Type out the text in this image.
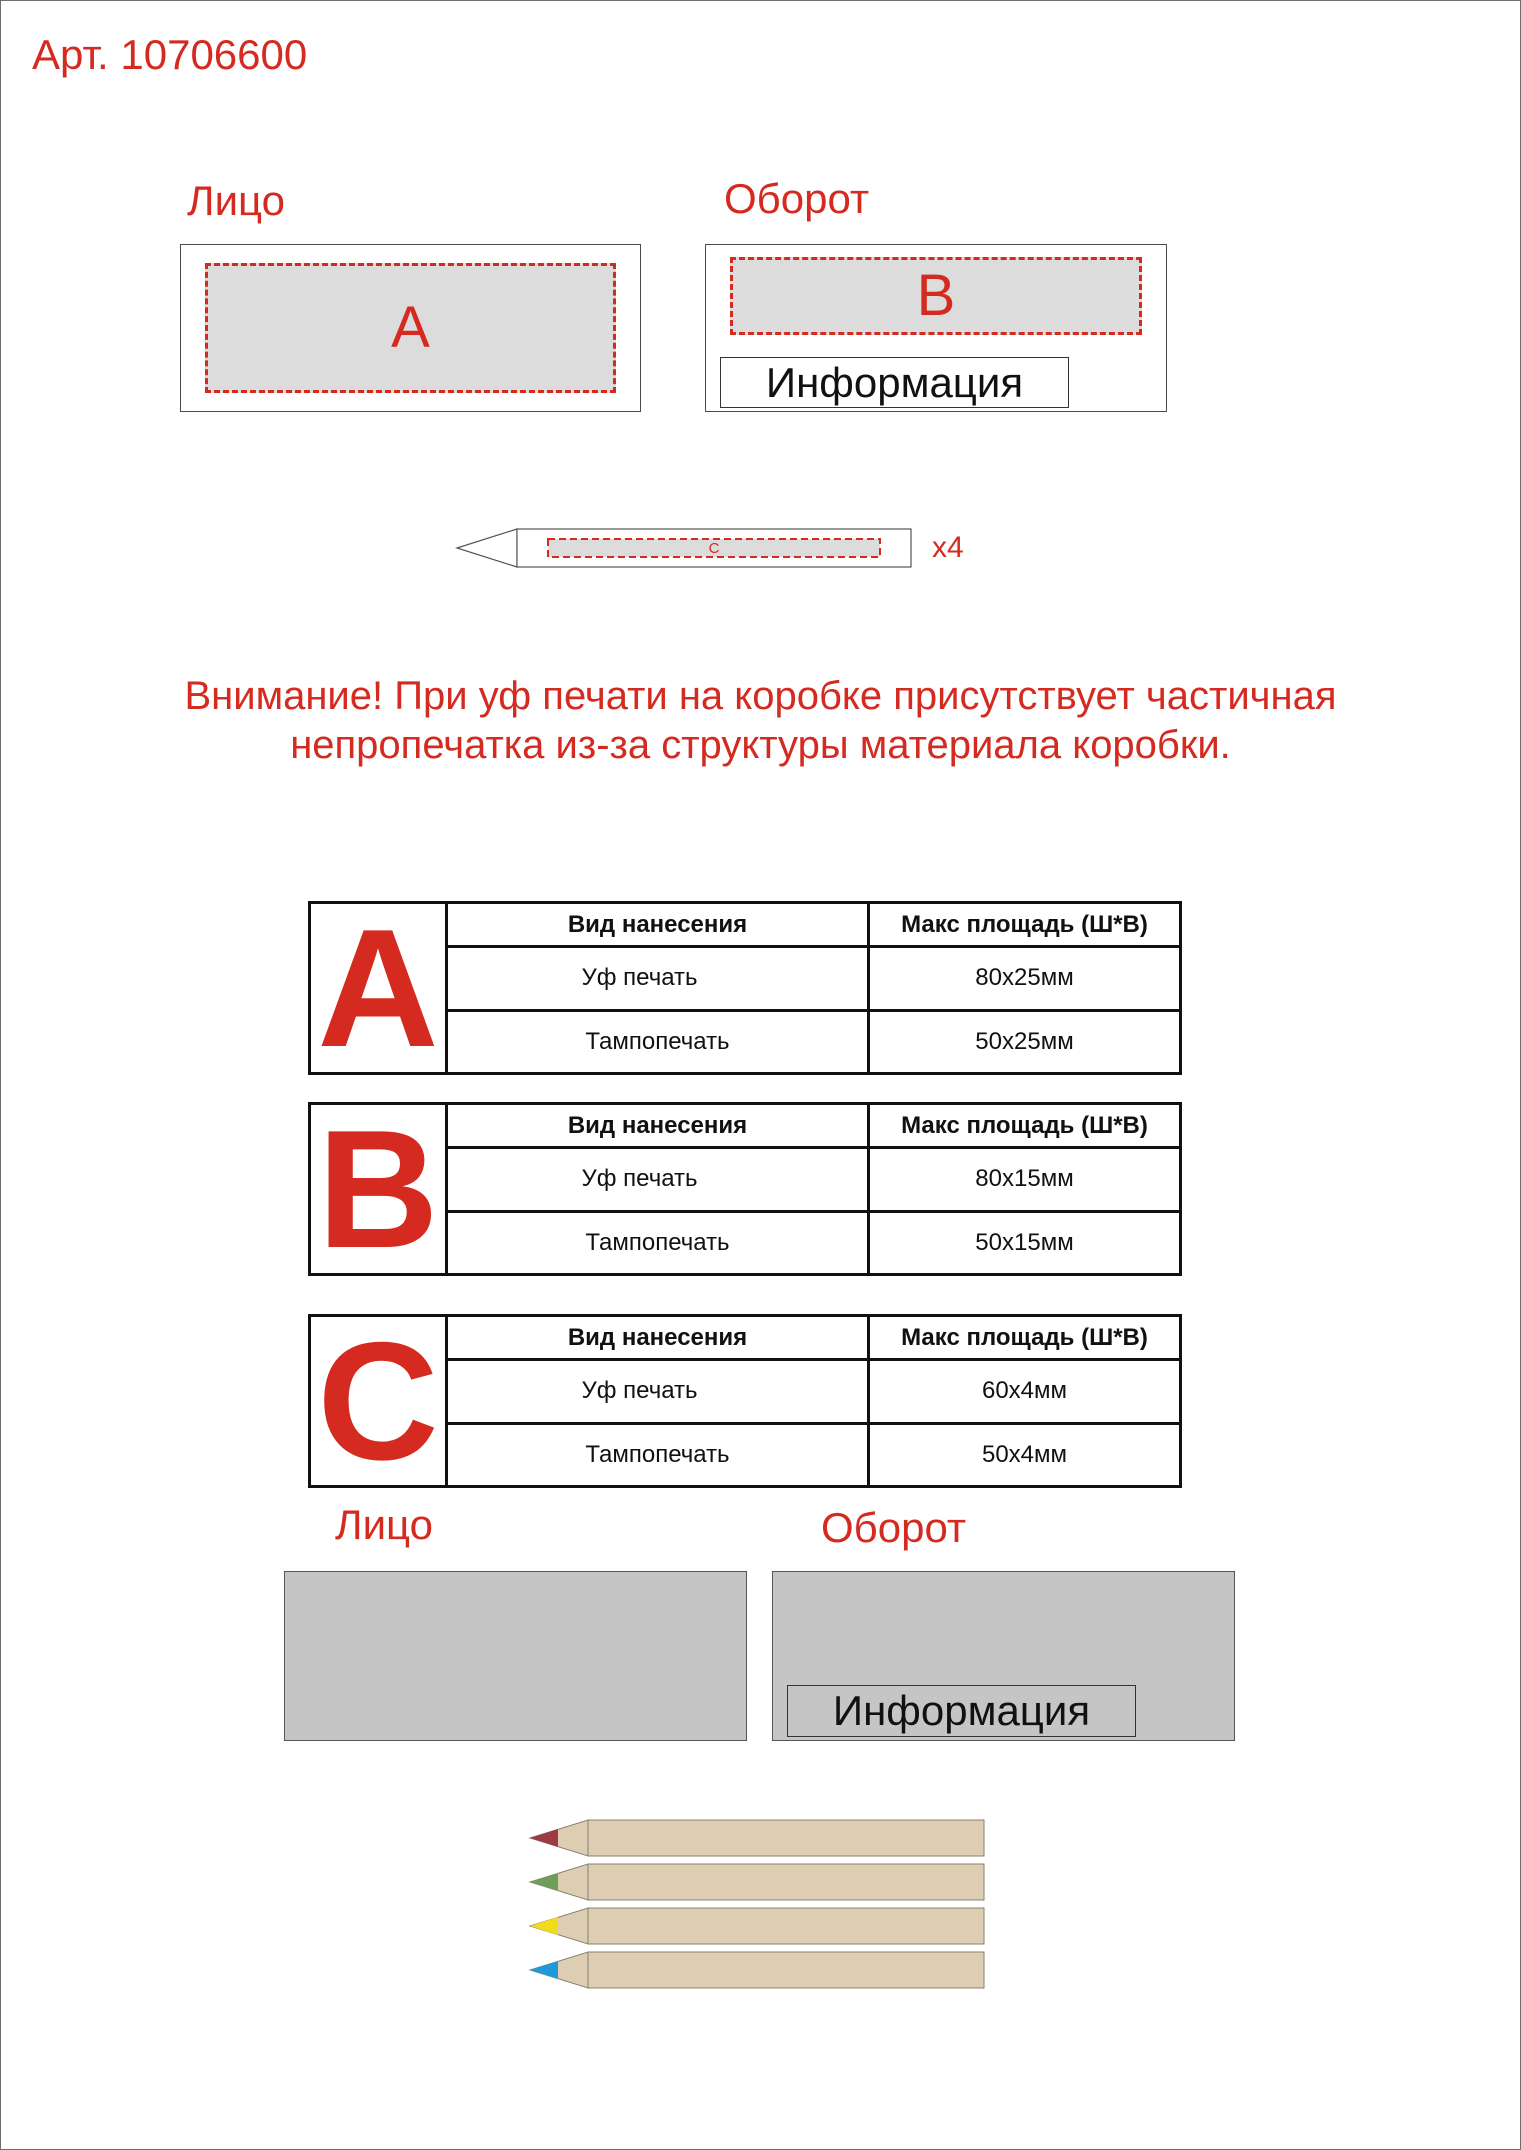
Арт. 10706600
Лицо	Оборот
A	B
Информация
C	x4
Внимание! При уф печати на коробке присутствует частичная
непропечатка из-за структуры материала коробки.
A	Вид нанесения	Макс площадь (Ш*В)
	Уф печать	80х25мм
	Тампопечать	50х25мм
B	Вид нанесения	Макс площадь (Ш*В)
	Уф печать	80х15мм
	Тампопечать	50х15мм
C	Вид нанесения	Макс площадь (Ш*В)
	Уф печать	60х4мм
	Тампопечать	50х4мм
Лицо	Оборот
Информация
